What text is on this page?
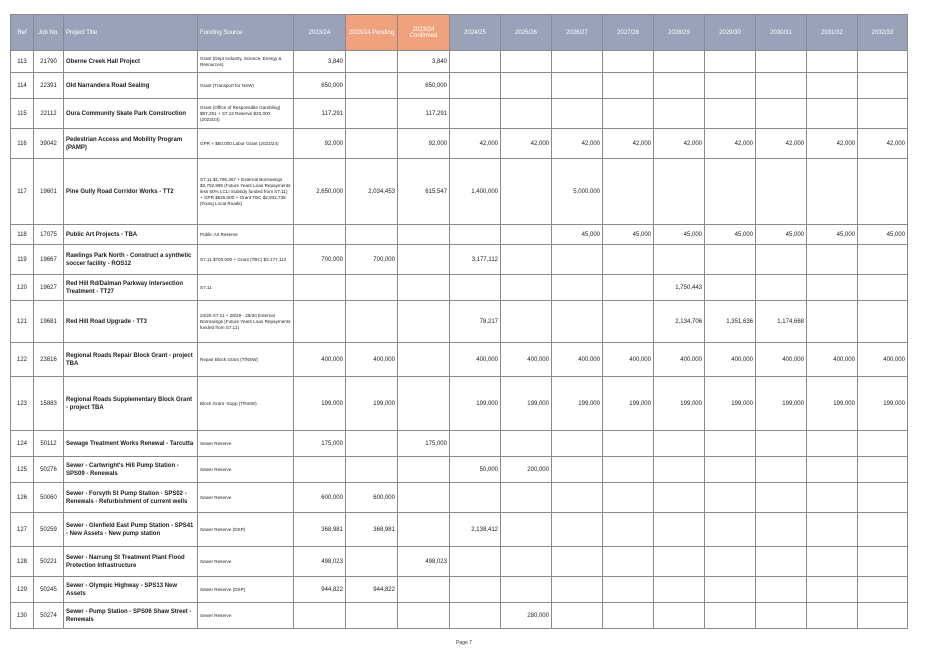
Ref	Job No.	Project Title	Funding Source	2023/24	2023/24 Pending	2023/24 Confirmed	2024/25	2025/26	2026/27	2027/28	2028/29	2029/30	2030/31	2031/32	2032/33
113	21790	Oberne Creek Hall Project	Grant (Dept Industry, Science, Energy & Resources)	3,840		3,840									
114	22391	Old Narrandera Road Sealing	Grant (Transport for NSW)	650,000		650,000									
115	22112	Oura Community Skate Park Construction	Grant (Office of Responsible Gambling) $97,291 + S7.12 Reserve $20,000 (2023/24)	117,291		117,291									
116	39042	Pedestrian Access and Mobility Program (PAMP)	GPR + $50,000 Labor Grant (2023/24)	92,000		92,000	42,000	42,000	42,000	42,000	42,000	42,000	42,000	42,000	42,000
117	19601	Pine Gully Road Corridor Works - TT2	S7.11 $1,795,367 + External Borrowings $3,752,895 (Future Years Loan Repayments less 50% LCLI Subsidy funded from S7.11) + GPR $625,000 + Grant TBC $2,932,738 (Fixing Local Roads)	2,650,000	2,034,453	615,547	1,400,000		5,000,000						
118	17075	Public Art Projects - TBA	Public Art Reserve						45,000	45,000	45,000	45,000	45,000	45,000	45,000
119	19667	Rawlings Park North - Construct a synthetic soccer facility - ROS12	S7.11 $700,000 + Grant (TBC) $3,177,112	700,000	700,000		3,177,112								
120	19627	Red Hill Rd/Dalman Parkway Intersection Treatment - TT27	S7.11								1,750,443				
121	19681	Red Hill Road Upgrade - TT3	24/25 S7.11 + 28/29 - 29/30 External Borrowings (Future Years Loan Repayments funded from S7.11)				78,217				2,134,706	1,351,636	1,174,668		
122	23816	Regional Roads Repair Block Grant - project TBA	Repair Block Grant (TfNSW)	400,000	400,000		400,000	400,000	400,000	400,000	400,000	400,000	400,000	400,000	400,000
123	15883	Regional Roads Supplementary Block Grant - project TBA	Block Grant -Supp (TfNSW)	199,000	199,000		199,000	199,000	199,000	199,000	199,000	199,000	199,000	199,000	199,000
124	50112	Sewage Treatment Works Renewal - Tarcutta	Sewer Reserve	175,000		175,000									
125	50276	Sewer - Cartwright's Hill Pump Station - SPS09 - Renewals	Sewer Reserve				50,000	200,000							
126	50060	Sewer - Forsyth St Pump Station - SPS02 - Renewals - Refurbishment of current wells	Sewer Reserve	600,000	600,000										
127	50259	Sewer - Glenfield East Pump Station - SPS41 - New Assets - New pump station	Sewer Reserve (DSP)	368,981	368,981		2,138,412								
128	50221	Sewer - Narrung St Treatment Plant Flood Protection Infrastructure	Sewer Reserve	498,023		498,023									
129	50245	Sewer - Olympic Highway - SPS13 New Assets	Sewer Reserve (DSP)	944,822	944,822										
130	50274	Sewer - Pump Station - SPS06 Shaw Street - Renewals	Sewer Reserve					280,000							
Page 7
